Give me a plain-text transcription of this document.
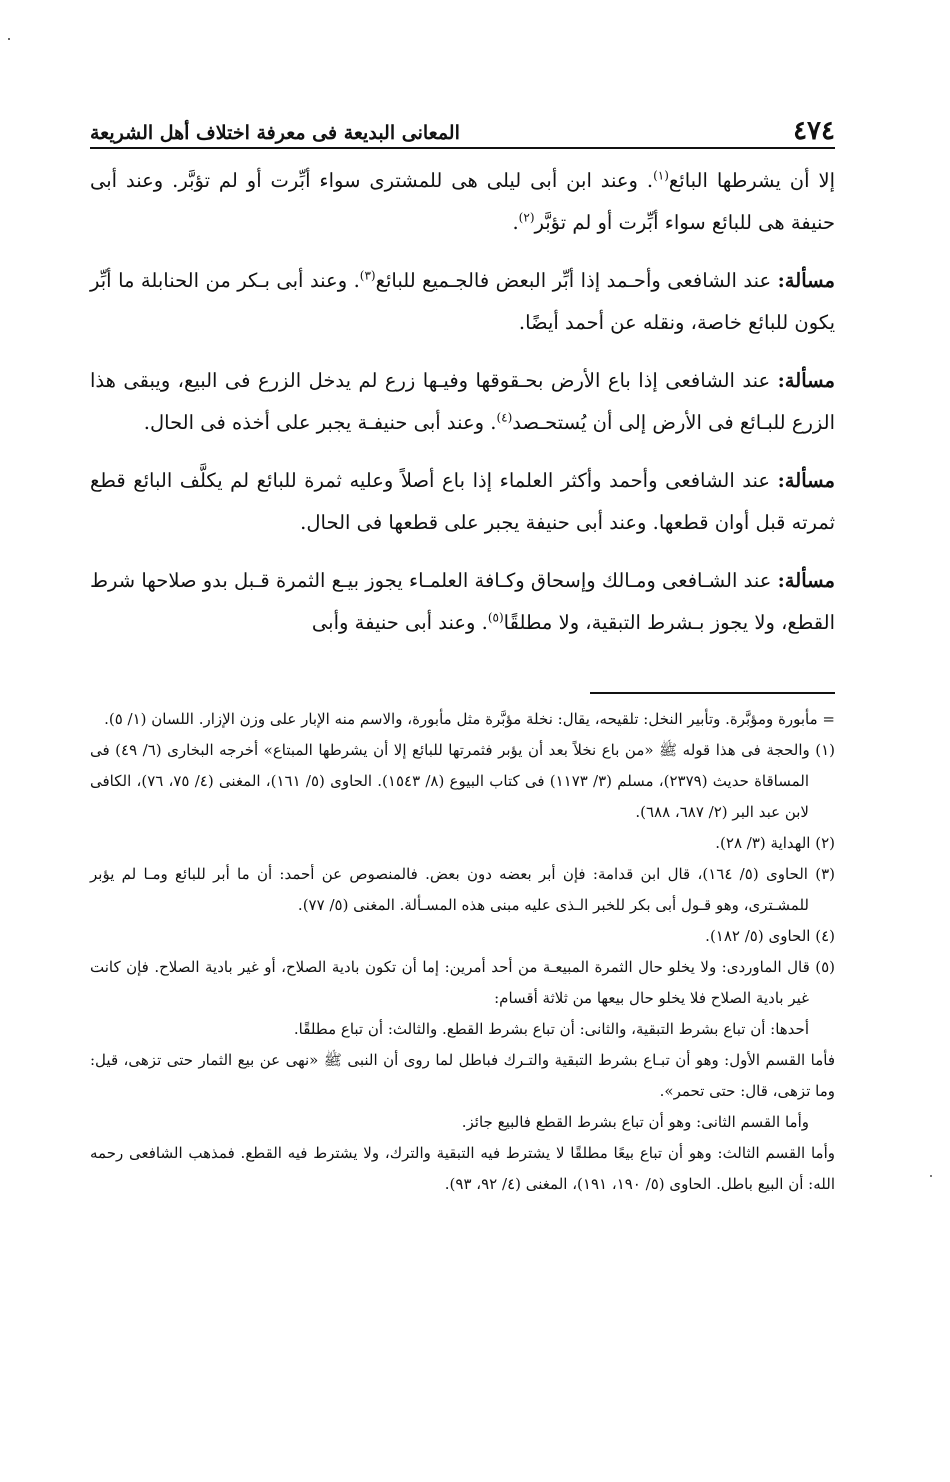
٤٧٤
المعانى البديعة فى معرفة اختلاف أهل الشريعة

إلا أن يشرطها البائع$^{(١)}$. وعند ابن أبى ليلى هى للمشترى سواء أبِّرت أو لم تؤبَّر. وعند أبى حنيفة هى للبائع سواء أبِّرت أو لم تؤبَّر$^{(٢)}$.

مسألة: عند الشافعى وأحـمد إذا أبِّر البعض فالجـميع للبائع$^{(٣)}$. وعند أبى بـكر من الحنابلة ما أبِّر يكون للبائع خاصة، ونقله عن أحمد أيضًا.

مسألة: عند الشافعى إذا باع الأرض بحـقوقها وفيـها زرع لم يدخل الزرع فى البيع، ويبقى هذا الزرع للبـائع فى الأرض إلى أن يُستحـصد$^{(٤)}$. وعند أبى حنيفـة يجبر على أخذه فى الحال.

مسألة: عند الشافعى وأحمد وأكثر العلماء إذا باع أصلاً وعليه ثمرة للبائع لم يكلَّف البائع قطع ثمرته قبل أوان قطعها. وعند أبى حنيفة يجبر على قطعها فى الحال.

مسألة: عند الشـافعى ومـالك وإسحاق وكـافة العلمـاء يجوز بيـع الثمرة قـبل بدو صلاحها شرط القطع، ولا يجوز بـشرط التبقية، ولا مطلقًا$^{(٥)}$. وعند أبى حنيفة وأبى

= مأبورة ومؤبَّرة. وتأبير النخل: تلقيحه، يقال: نخلة مؤبَّرة مثل مأبورة، والاسم منه الإبار على وزن الإزار. اللسان (١/ ٥).

(١) والحجة فى هذا قوله ﷺ «من باع نخلاً بعد أن يؤبر فثمرتها للبائع إلا أن يشرطها المبتاع» أخرجه البخارى (٦/ ٤٩) فى المساقاة حديث (٢٣٧٩)، مسلم (٣/ ١١٧٣) فى كتاب البيوع (٨/ ١٥٤٣). الحاوى (٥/ ١٦١)، المغنى (٤/ ٧٥، ٧٦)، الكافى لابن عبد البر (٢/ ٦٨٧، ٦٨٨).

(٢) الهداية (٣/ ٢٨).

(٣) الحاوى (٥/ ١٦٤)، قال ابن قدامة: فإن أبر بعضه دون بعض. فالمنصوص عن أحمد: أن ما أبر للبائع ومـا لم يؤبر للمشـترى، وهو قـول أبى بكر للخبر الـذى عليه مبنى هذه المسـألة. المغنى (٥/ ٧٧).

(٤) الحاوى (٥/ ١٨٢).

(٥) قال الماوردى: ولا يخلو حال الثمرة المبيعـة من أحد أمرين: إما أن تكون بادية الصلاح، أو غير بادية الصلاح. فإن كانت غير بادية الصلاح فلا يخلو حال بيعها من ثلاثة أقسام:

أحدها: أن تباع بشرط التبقية، والثانى: أن تباع بشرط القطع. والثالث: أن تباع مطلقًا.

فأما القسم الأول: وهو أن تبـاع بشرط التبقية والتـرك فباطل لما روى أن النبى ﷺ «نهى عن بيع الثمار حتى تزهى، قيل: وما تزهى، قال: حتى تحمر».

وأما القسم الثانى: وهو أن تباع بشرط القطع فالبيع جائز.

وأما القسم الثالث: وهو أن تباع بيعًا مطلقًا لا يشترط فيه التبقية والترك، ولا يشترط فيه القطع. فمذهب الشافعى رحمه الله: أن البيع باطل. الحاوى (٥/ ١٩٠، ١٩١)، المغنى (٤/ ٩٢، ٩٣).
